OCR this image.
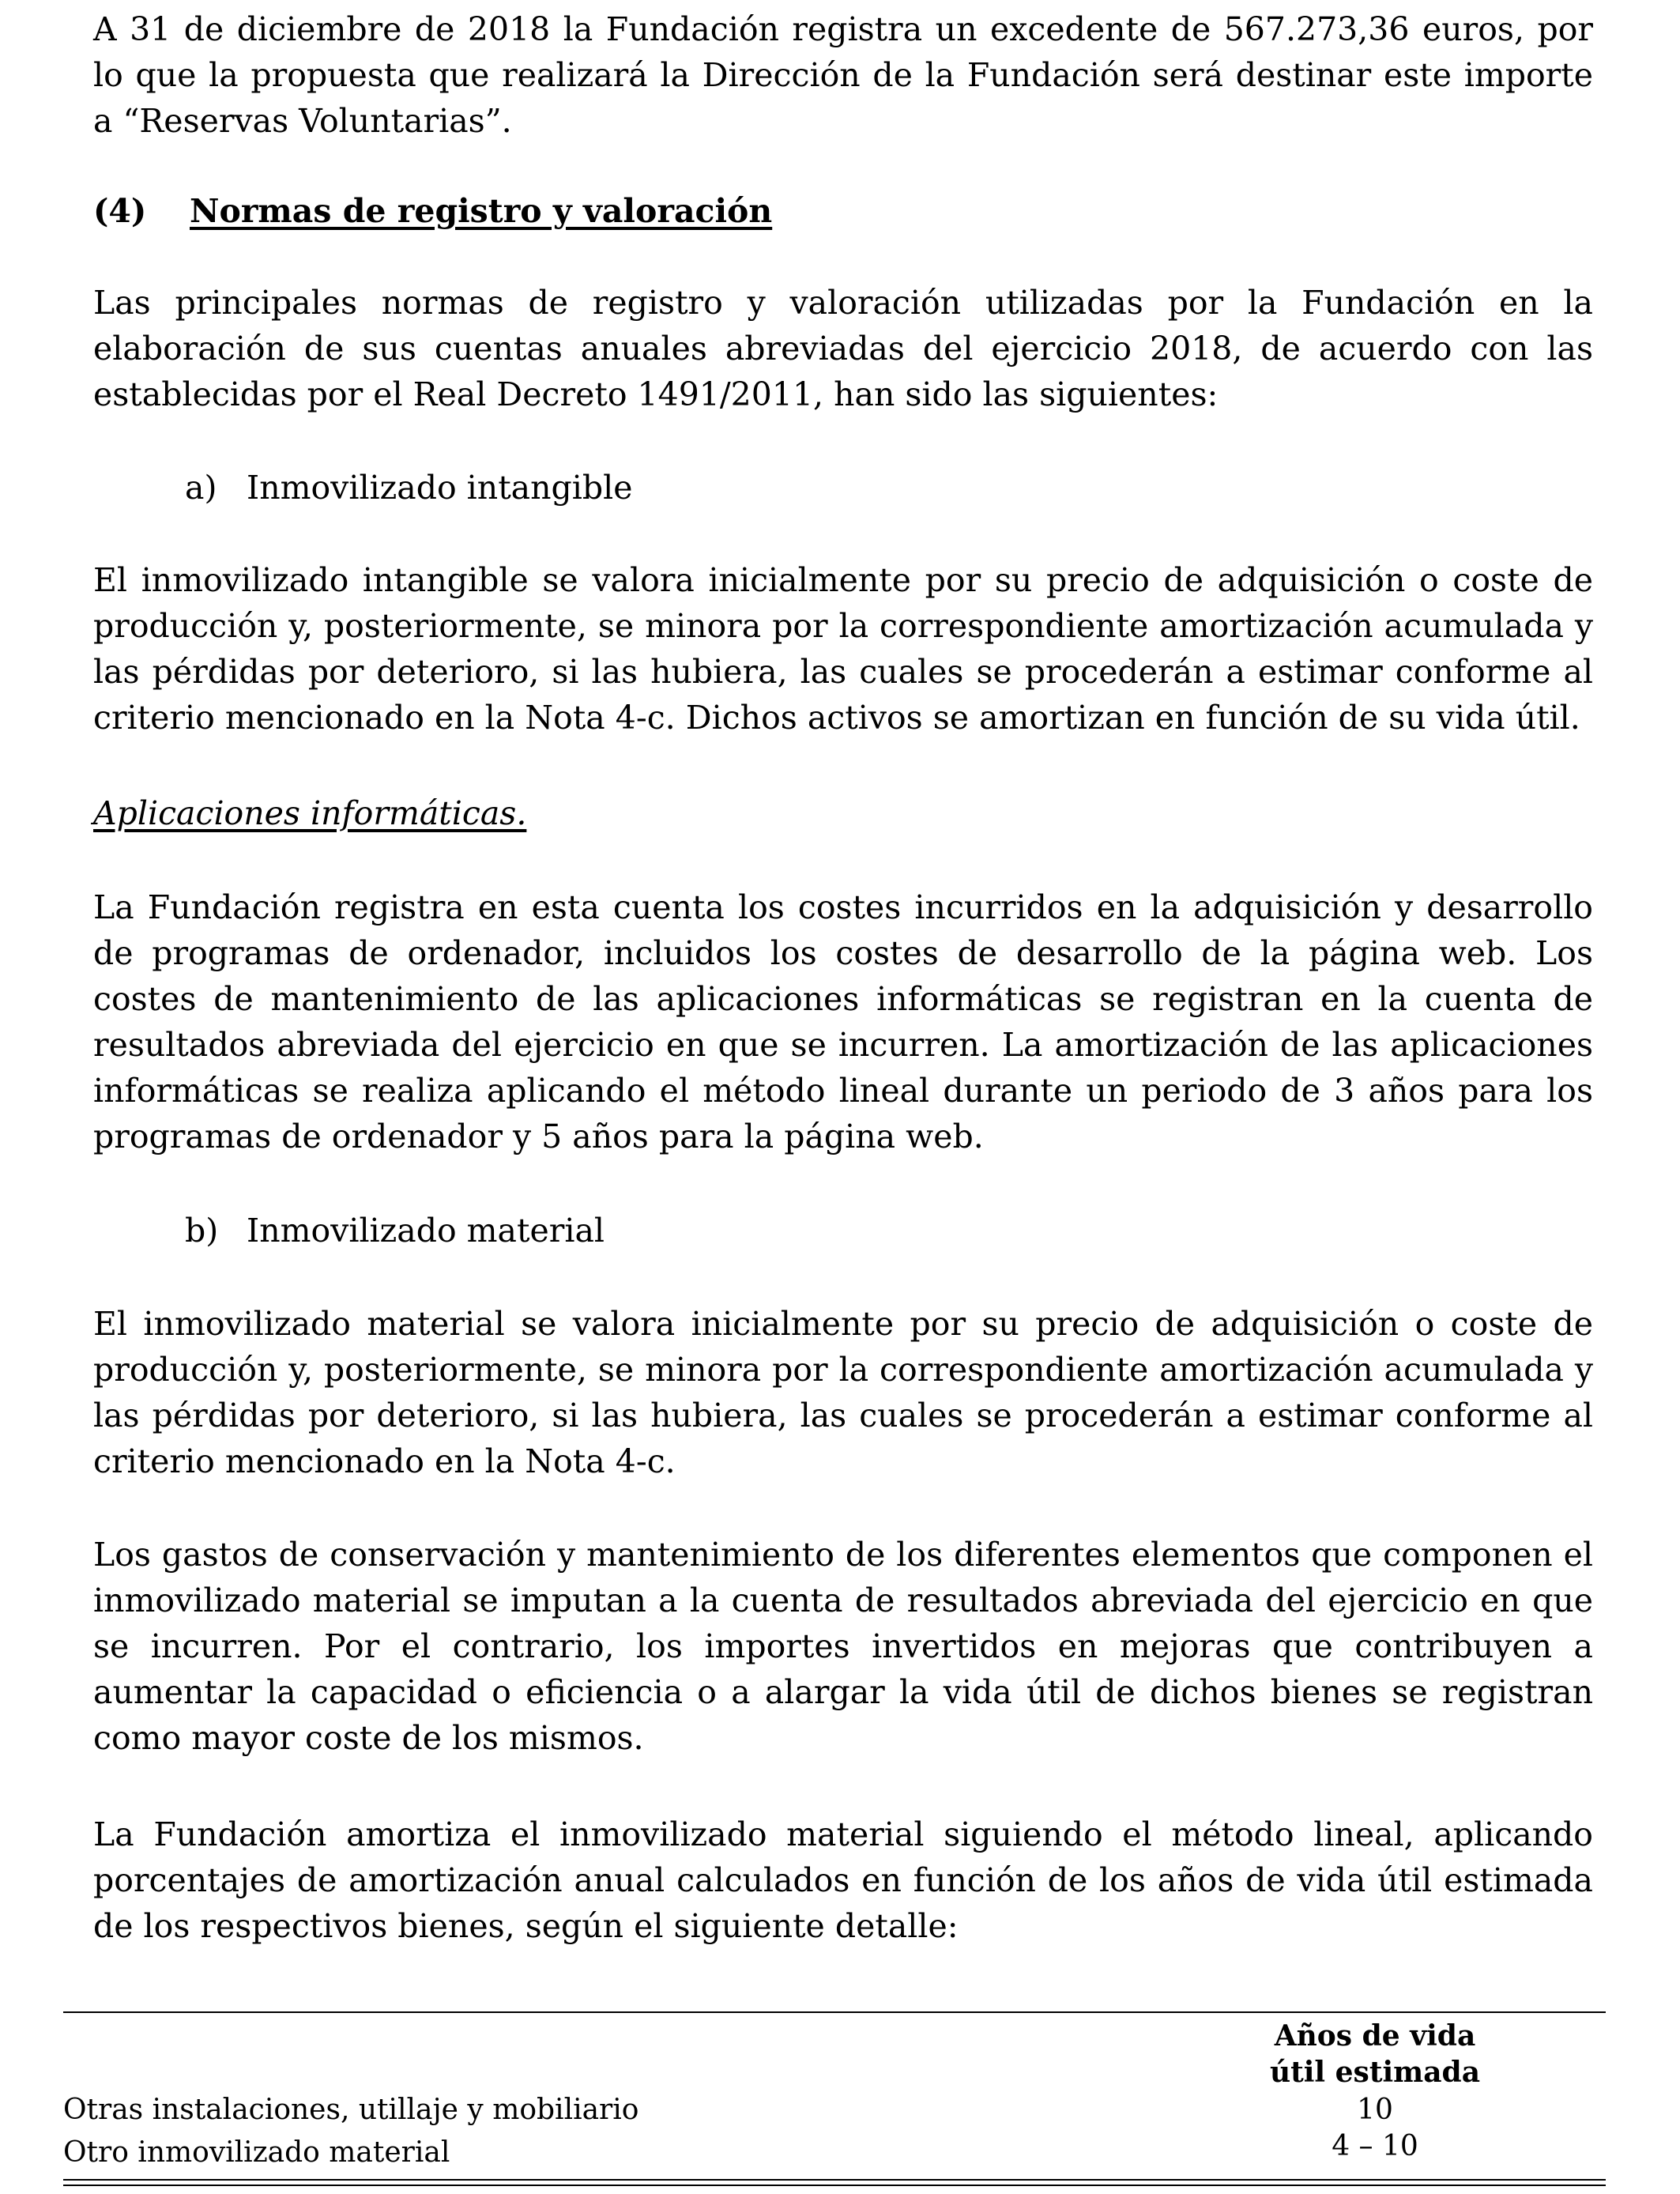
A 31 de diciembre de 2018 la Fundación registra un excedente de 567.273,36 euros, por lo que la propuesta que realizará la Dirección de la Fundación será destinar este importe a “Reservas Voluntarias”.

(4) Normas de registro y valoración

Las principales normas de registro y valoración utilizadas por la Fundación en la elaboración de sus cuentas anuales abreviadas del ejercicio 2018, de acuerdo con las establecidas por el Real Decreto 1491/2011, han sido las siguientes:

a) Inmovilizado intangible

El inmovilizado intangible se valora inicialmente por su precio de adquisición o coste de producción y, posteriormente, se minora por la correspondiente amortización acumulada y las pérdidas por deterioro, si las hubiera, las cuales se procederán a estimar conforme al criterio mencionado en la Nota 4-c. Dichos activos se amortizan en función de su vida útil.

Aplicaciones informáticas.

La Fundación registra en esta cuenta los costes incurridos en la adquisición y desarrollo de programas de ordenador, incluidos los costes de desarrollo de la página web. Los costes de mantenimiento de las aplicaciones informáticas se registran en la cuenta de resultados abreviada del ejercicio en que se incurren. La amortización de las aplicaciones informáticas se realiza aplicando el método lineal durante un periodo de 3 años para los programas de ordenador y 5 años para la página web.

b) Inmovilizado material

El inmovilizado material se valora inicialmente por su precio de adquisición o coste de producción y, posteriormente, se minora por la correspondiente amortización acumulada y las pérdidas por deterioro, si las hubiera, las cuales se procederán a estimar conforme al criterio mencionado en la Nota 4-c.

Los gastos de conservación y mantenimiento de los diferentes elementos que componen el inmovilizado material se imputan a la cuenta de resultados abreviada del ejercicio en que se incurren. Por el contrario, los importes invertidos en mejoras que contribuyen a aumentar la capacidad o eficiencia o a alargar la vida útil de dichos bienes se registran como mayor coste de los mismos.

La Fundación amortiza el inmovilizado material siguiendo el método lineal, aplicando porcentajes de amortización anual calculados en función de los años de vida útil estimada de los respectivos bienes, según el siguiente detalle:

Años de vida
útil estimada
Otras instalaciones, utillaje y mobiliario	10
Otro inmovilizado material	4 – 10
